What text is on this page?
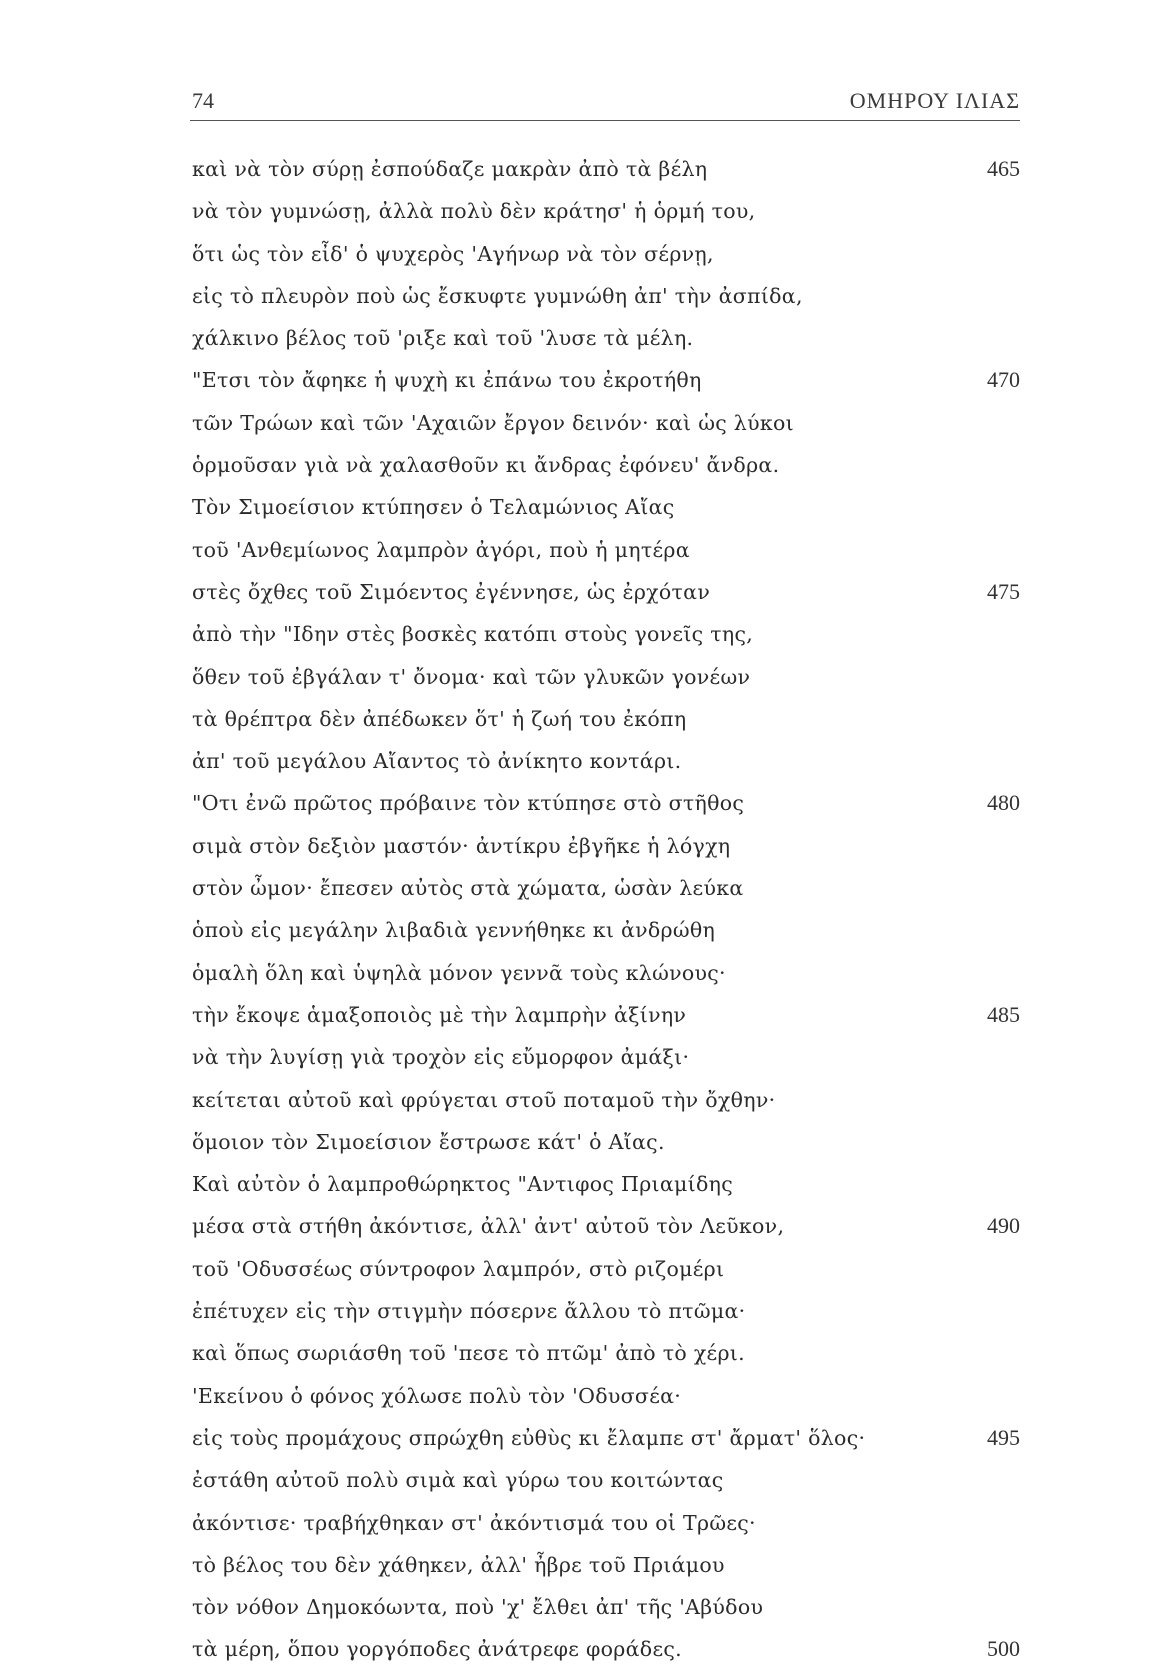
74	ΟΜΗΡΟΥ ΙΛΙΑΣ
καὶ νὰ τὸν σύρῃ ἐσπούδαζε μακρὰν ἀπὸ τὰ βέλη	465
νὰ τὸν γυμνώσῃ, ἀλλὰ πολὺ δὲν κράτησ' ἡ ὁρμή του,
ὅτι ὡς τὸν εἶδ' ὁ ψυχερὸς 'Αγήνωρ νὰ τὸν σέρνῃ,
εἰς τὸ πλευρὸν ποὺ ὡς ἔσκυφτε γυμνώθη ἀπ' τὴν ἀσπίδα,
χάλκινο βέλος τοῦ 'ριξε καὶ τοῦ 'λυσε τὰ μέλη.
"Ετσι τὸν ἄφηκε ἡ ψυχὴ κι ἐπάνω του ἐκροτήθη	470
τῶν Τρώων καὶ τῶν 'Αχαιῶν ἔργον δεινόν· καὶ ὡς λύκοι
ὁρμοῦσαν γιὰ νὰ χαλασθοῦν κι ἄνδρας ἐφόνευ' ἄνδρα.
Τὸν Σιμοείσιον κτύπησεν ὁ Τελαμώνιος Αἴας
τοῦ 'Ανθεμίωνος λαμπρὸν ἀγόρι, ποὺ ἡ μητέρα
στὲς ὄχθες τοῦ Σιμόεντος ἐγέννησε, ὡς ἐρχόταν	475
ἀπὸ τὴν "Ιδην στὲς βοσκὲς κατόπι στοὺς γονεῖς της,
ὅθεν τοῦ ἐβγάλαν τ' ὄνομα· καὶ τῶν γλυκῶν γονέων
τὰ θρέπτρα δὲν ἀπέδωκεν ὅτ' ἡ ζωή του ἐκόπη
ἀπ' τοῦ μεγάλου Αἴαντος τὸ ἀνίκητο κοντάρι.
"Οτι ἐνῶ πρῶτος πρόβαινε τὸν κτύπησε στὸ στῆθος	480
σιμὰ στὸν δεξιὸν μαστόν· ἀντίκρυ ἐβγῆκε ἡ λόγχη
στὸν ὦμον· ἔπεσεν αὐτὸς στὰ χώματα, ὡσὰν λεύκα
ὁποὺ εἰς μεγάλην λιβαδιὰ γεννήθηκε κι ἀνδρώθη
ὁμαλὴ ὅλη καὶ ὑψηλὰ μόνον γεννᾶ τοὺς κλώνους·
τὴν ἔκοψε ἁμαξοποιὸς μὲ τὴν λαμπρὴν ἀξίνην	485
νὰ τὴν λυγίσῃ γιὰ τροχὸν εἰς εὔμορφον ἀμάξι·
κείτεται αὐτοῦ καὶ φρύγεται στοῦ ποταμοῦ τὴν ὄχθην·
ὅμοιον τὸν Σιμοείσιον ἔστρωσε κάτ' ὁ Αἴας.
Καὶ αὐτὸν ὁ λαμπροθώρηκτος "Αντιφος Πριαμίδης
μέσα στὰ στήθη ἀκόντισε, ἀλλ' ἀντ' αὐτοῦ τὸν Λεῦκον,	490
τοῦ 'Οδυσσέως σύντροφον λαμπρόν, στὸ ριζομέρι
ἐπέτυχεν εἰς τὴν στιγμὴν πόσερνε ἄλλου τὸ πτῶμα·
καὶ ὅπως σωριάσθη τοῦ 'πεσε τὸ πτῶμ' ἀπὸ τὸ χέρι.
'Εκείνου ὁ φόνος χόλωσε πολὺ τὸν 'Οδυσσέα·
εἰς τοὺς προμάχους σπρώχθη εὐθὺς κι ἔλαμπε στ' ἄρματ' ὅλος·	495
ἐστάθη αὐτοῦ πολὺ σιμὰ καὶ γύρω του κοιτώντας
ἀκόντισε· τραβήχθηκαν στ' ἀκόντισμά του οἱ Τρῶες·
τὸ βέλος του δὲν χάθηκεν, ἀλλ' ἦβρε τοῦ Πριάμου
τὸν νόθον Δημοκόωντα, ποὺ 'χ' ἔλθει ἀπ' τῆς 'Αβύδου
τὰ μέρη, ὅπου γοργόποδες ἀνάτρεφε φοράδες.	500
